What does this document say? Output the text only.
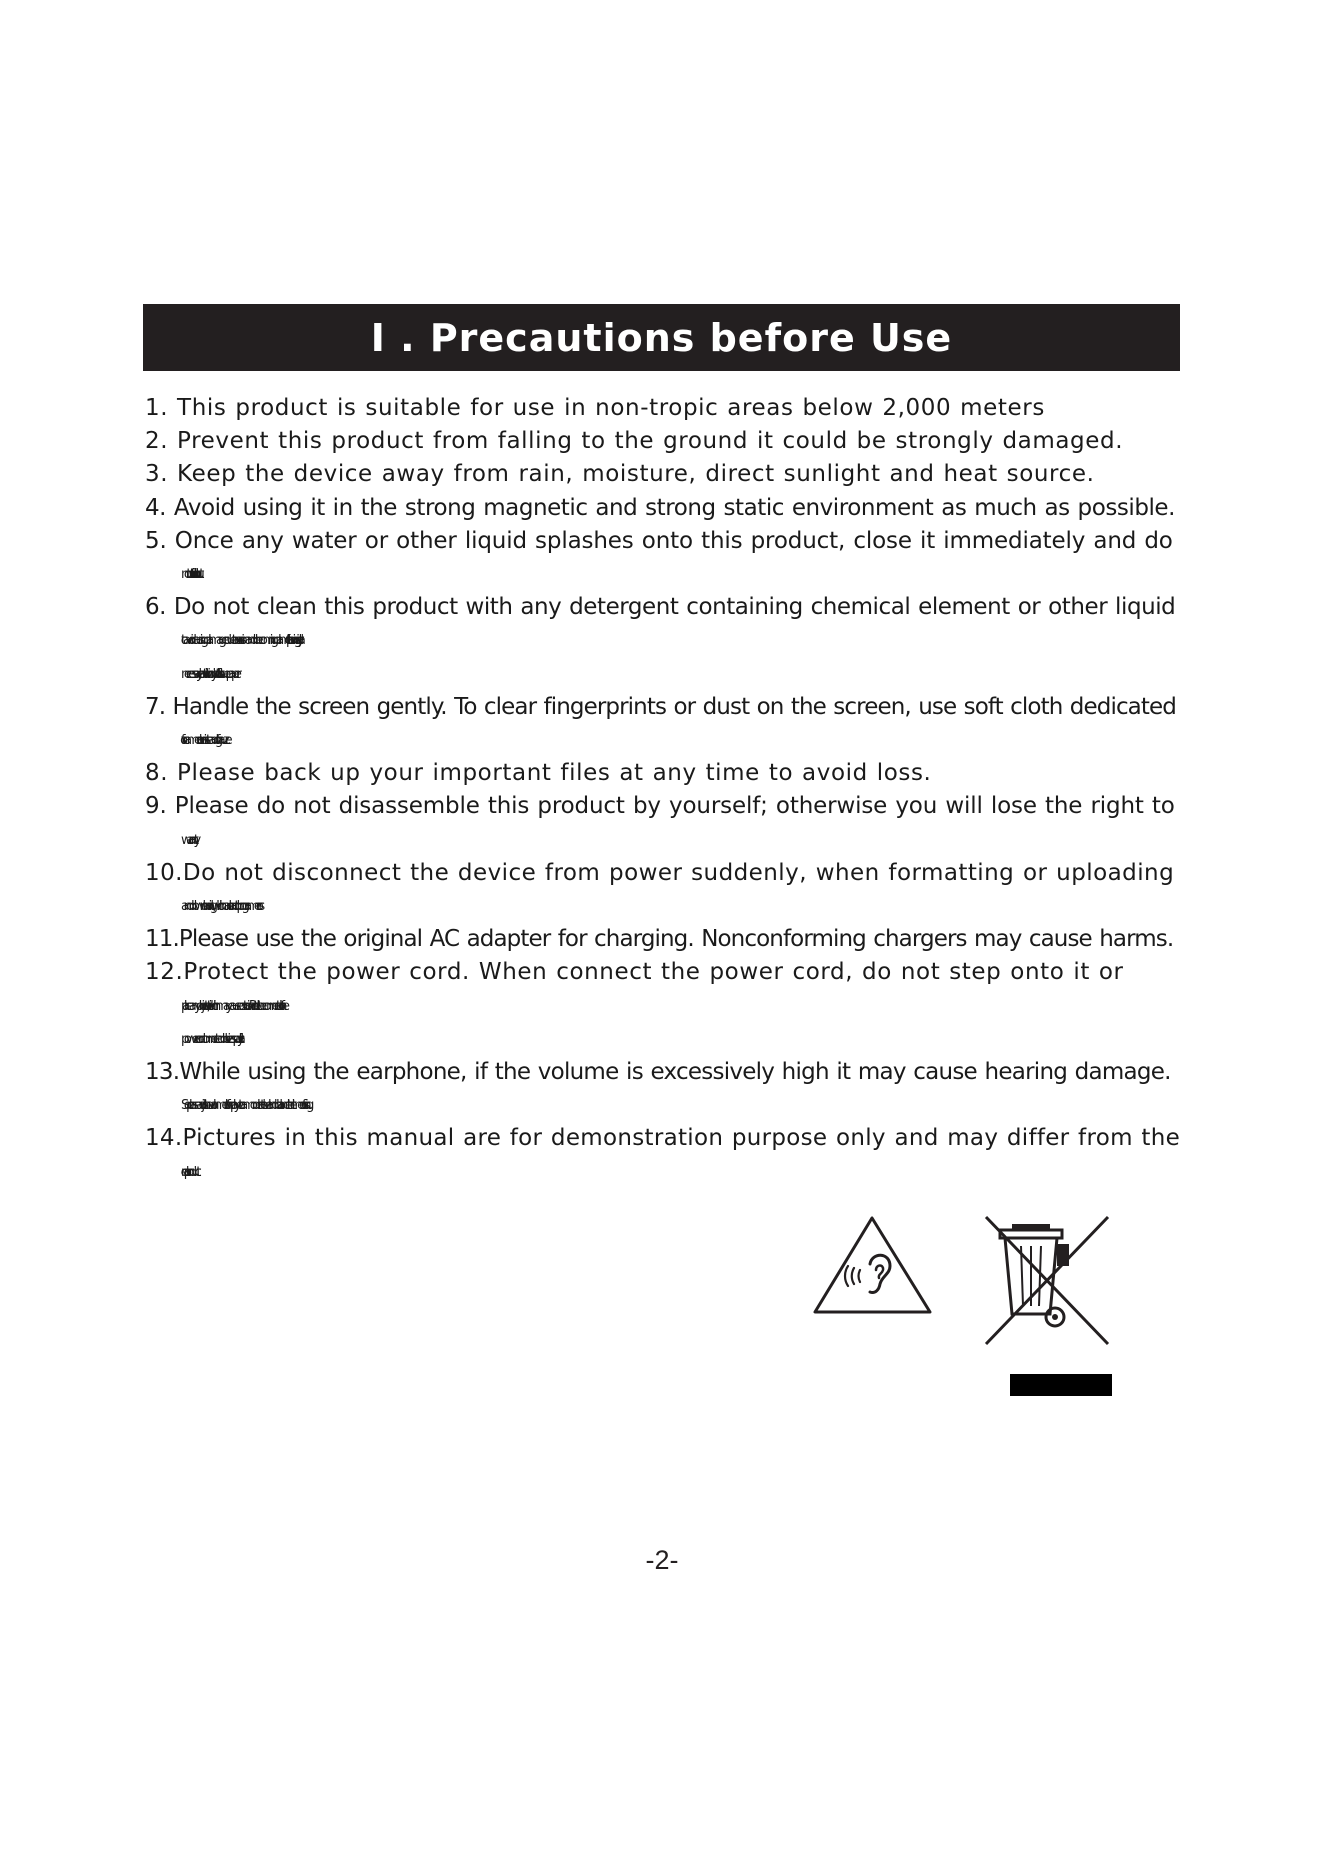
I . Precautions before Use
1. This product is suitable for use in non-tropic areas below 2,000 meters
2. Prevent this product from falling to the ground it could be strongly damaged.
3. Keep the device away from rain, moisture, direct sunlight and heat source.
4. Avoid using it in the strong magnetic and strong static environment as much as possible.
5. Once any water or other liquid splashes onto this product, close it immediately and do
not use it until it dries out.
6. Do not clean this product with any detergent containing chemical element or other liquid
to avoid causing damage due to corrosion and becoming damp. If cleaning is really
necessary, clean it with dry soft cloth tissue paper.
7. Handle the screen gently. To clear fingerprints or dust on the screen, use soft cloth dedicated
for camera lens instead of gauze.
8. Please back up your important files at any time to avoid loss.
9. Please do not disassemble this product by yourself; otherwise you will lose the right to
warranty.
10.Do not disconnect the device from power suddenly, when formatting or uploading
and downloading, which can lead to program errors.
11.Please use the original AC adapter for charging. Nonconforming chargers may cause harms.
12.Protect the power cord. When connect the power cord, do not step onto it or
place any object on it, which may cause extrusion. Protect the connector of the
power cord connected devices specially.
13.While using the earphone, if the volume is excessively high it may cause hearing damage.
So please adjust the volume of the player to a moderate level and balance the time of using.
14.Pictures in this manual are for demonstration purpose only and may differ from the
real product.
-2-
